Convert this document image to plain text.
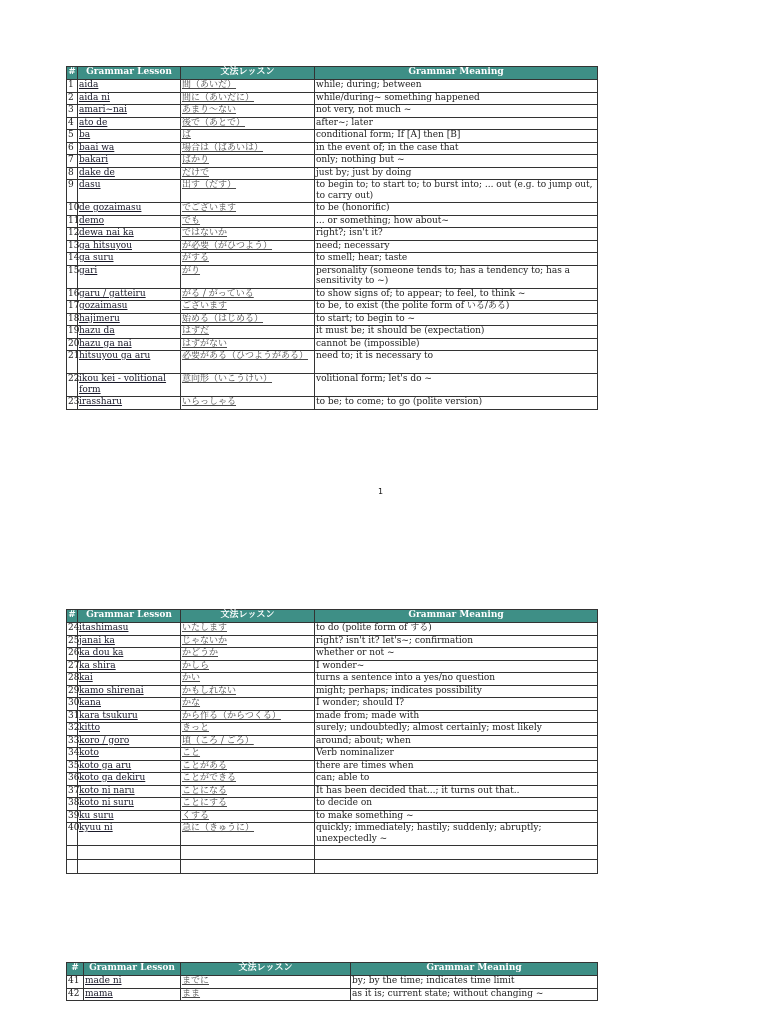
#	Grammar Lesson	文法レッスン	Grammar Meaning
1	aida	間（あいだ）	while; during; between
2	aida ni	間に（あいだに）	while/during~ something happened
3	amari~nai	あまり～ない	not very, not much ~
4	ato de	後で（あとで）	after~; later
5	ba	ば	conditional form; If [A] then [B]
6	baai wa	場合は（ばあいは）	in the event of; in the case that
7	bakari	ばかり	only; nothing but ~
8	dake de	だけで	just by; just by doing
9	dasu	出す（だす）	to begin to; to start to; to burst into; ... out (e.g. to jump out, to carry out)
10	de gozaimasu	でございます	to be (honorific)
11	demo	でも	... or something; how about~
12	dewa nai ka	ではないか	right?; isn't it?
13	ga hitsuyou	が必要（がひつよう）	need; necessary
14	ga suru	がする	to smell; hear; taste
15	gari	がり	personality (someone tends to; has a tendency to; has a sensitivity to ~)
16	garu / gatteiru	がる / がっている	to show signs of; to appear; to feel, to think ~
17	gozaimasu	ございます	to be, to exist (the polite form of いる/ある)
18	hajimeru	始める（はじめる）	to start; to begin to ~
19	hazu da	はずだ	it must be; it should be (expectation)
20	hazu ga nai	はずがない	cannot be (impossible)
21	hitsuyou ga aru	必要がある（ひつようがある）	need to; it is necessary to
22	ikou kei - volitional form	意向形（いこうけい）	volitional form; let's do ~
23	irassharu	いらっしゃる	to be; to come; to go (polite version)
1
#	Grammar Lesson	文法レッスン	Grammar Meaning
24	itashimasu	いたします	to do (polite form of する)
25	janai ka	じゃないか	right? isn't it? let's~; confirmation
26	ka dou ka	かどうか	whether or not ~
27	ka shira	かしら	I wonder~
28	kai	かい	turns a sentence into a yes/no question
29	kamo shirenai	かもしれない	might; perhaps; indicates possibility
30	kana	かな	I wonder; should I?
31	kara tsukuru	から作る（からつくる）	made from; made with
32	kitto	きっと	surely; undoubtedly; almost certainly; most likely
33	koro / goro	頃（ころ / ごろ）	around; about; when
34	koto	こと	Verb nominalizer
35	koto ga aru	ことがある	there are times when
36	koto ga dekiru	ことができる	can; able to
37	koto ni naru	ことになる	It has been decided that...; it turns out that..
38	koto ni suru	ことにする	to decide on
39	ku suru	くする	to make something ~
40	kyuu ni	急に（きゅうに）	quickly; immediately; hastily; suddenly; abruptly; unexpectedly ~

#	Grammar Lesson	文法レッスン	Grammar Meaning
41	made ni	までに	by; by the time; indicates time limit
42	mama	まま	as it is; current state; without changing ~
